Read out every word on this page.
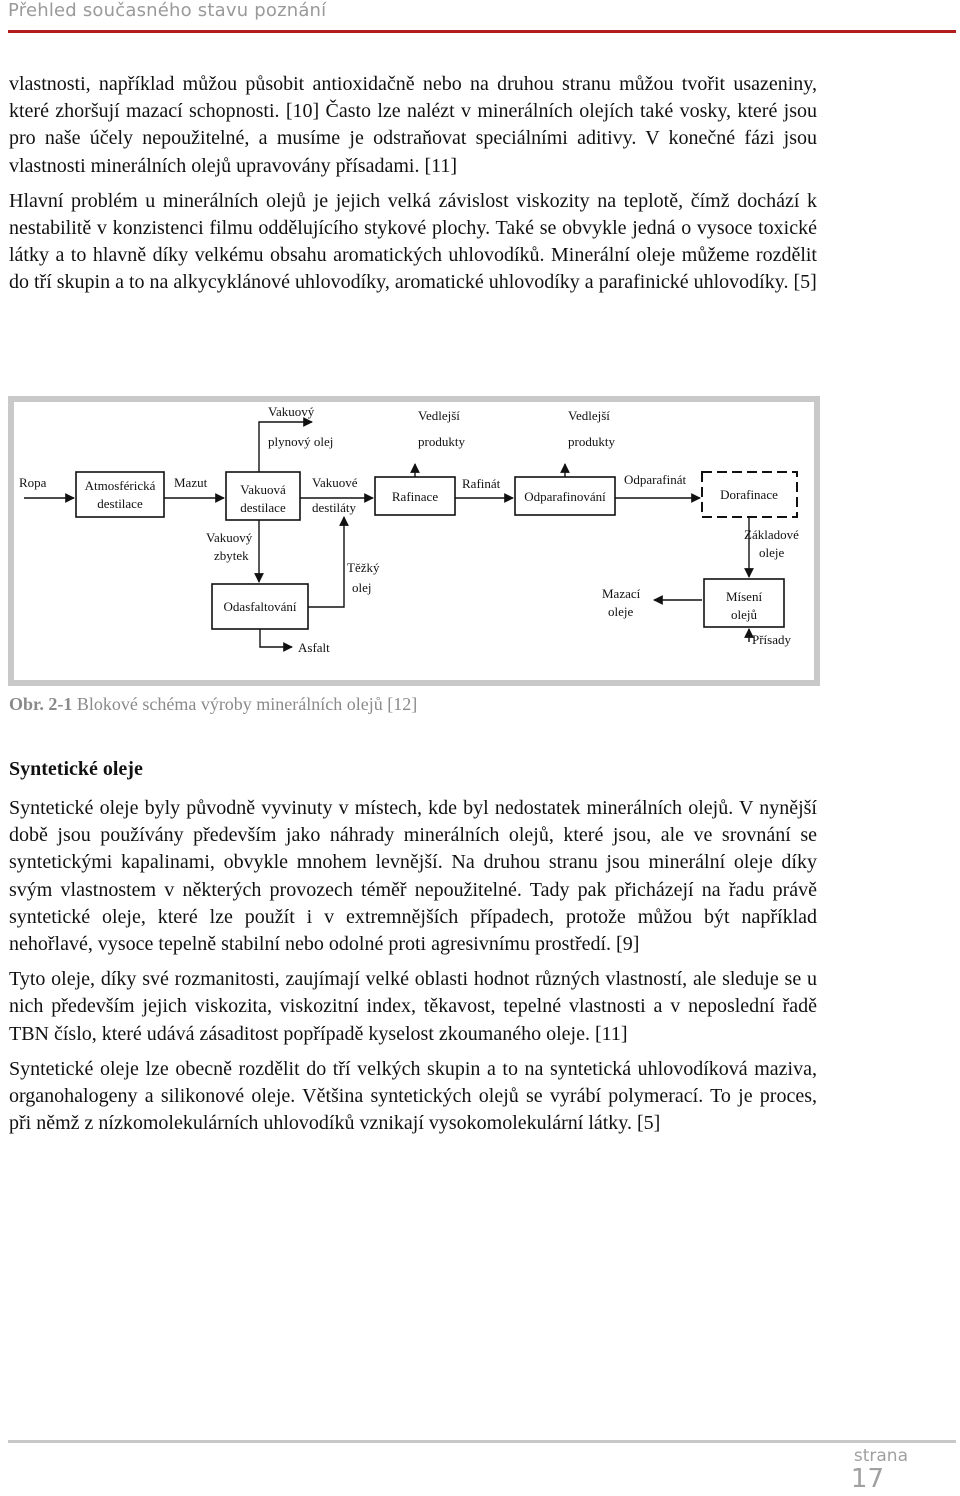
Přehled současného stavu poznání

vlastnosti, například můžou působit antioxidačně nebo na druhou stranu můžou tvořit usazeniny, které zhoršují mazací schopnosti. [10] Často lze nalézt v minerálních olejích také vosky, které jsou pro naše účely nepoužitelné, a musíme je odstraňovat speciálními aditivy. V konečné fázi jsou vlastnosti minerálních olejů upravovány přísadami. [11]

Hlavní problém u minerálních olejů je jejich velká závislost viskozity na teplotě, čímž dochází k nestabilitě v konzistenci filmu oddělujícího stykové plochy. Také se obvykle jedná o vysoce toxické látky a to hlavně díky velkému obsahu aromatických uhlovodíků. Minerální oleje můžeme rozdělit do tří skupin a to na alkycyklánové uhlovodíky, aromatické uhlovodíky a parafinické uhlovodíky. [5]

Atmosférická destilace
Vakuová destilace
Rafinace	Odparafinování	Dorafinace
Odasfaltování
Mísení olejů
Ropa	Mazut
Vakuový
plynový olej
Vedlejší
produkty
Vedlejší
produkty
Vakuové
destiláty
Rafinát	Odparafinát
Vakuový
zbytek
Těžký
olej
Základové
oleje
Mazací
oleje
Asfalt
Přísady
Obr. 2-1 Blokové schéma výroby minerálních olejů [12]
Syntetické oleje

Syntetické oleje byly původně vyvinuty v místech, kde byl nedostatek minerálních olejů. V nynější době jsou používány především jako náhrady minerálních olejů, které jsou, ale ve srovnání se syntetickými kapalinami, obvykle mnohem levnější. Na druhou stranu jsou minerální oleje díky svým vlastnostem v některých provozech téměř nepoužitelné. Tady pak přicházejí na řadu právě syntetické oleje, které lze použít i v extremnějších případech, protože můžou být například nehořlavé, vysoce tepelně stabilní nebo odolné proti agresivnímu prostředí. [9]

Tyto oleje, díky své rozmanitosti, zaujímají velké oblasti hodnot různých vlastností, ale sleduje se u nich především jejich viskozita, viskozitní index, těkavost, tepelné vlastnosti a v neposlední řadě TBN číslo, které udává zásaditost popřípadě kyselost zkoumaného oleje. [11]

Syntetické oleje lze obecně rozdělit do tří velkých skupin a to na syntetická uhlovodíková maziva, organohalogeny a silikonové oleje. Většina syntetických olejů se vyrábí polymerací. To je proces, při němž z nízkomolekulárních uhlovodíků vznikají vysokomolekulární látky. [5]

strana
17
